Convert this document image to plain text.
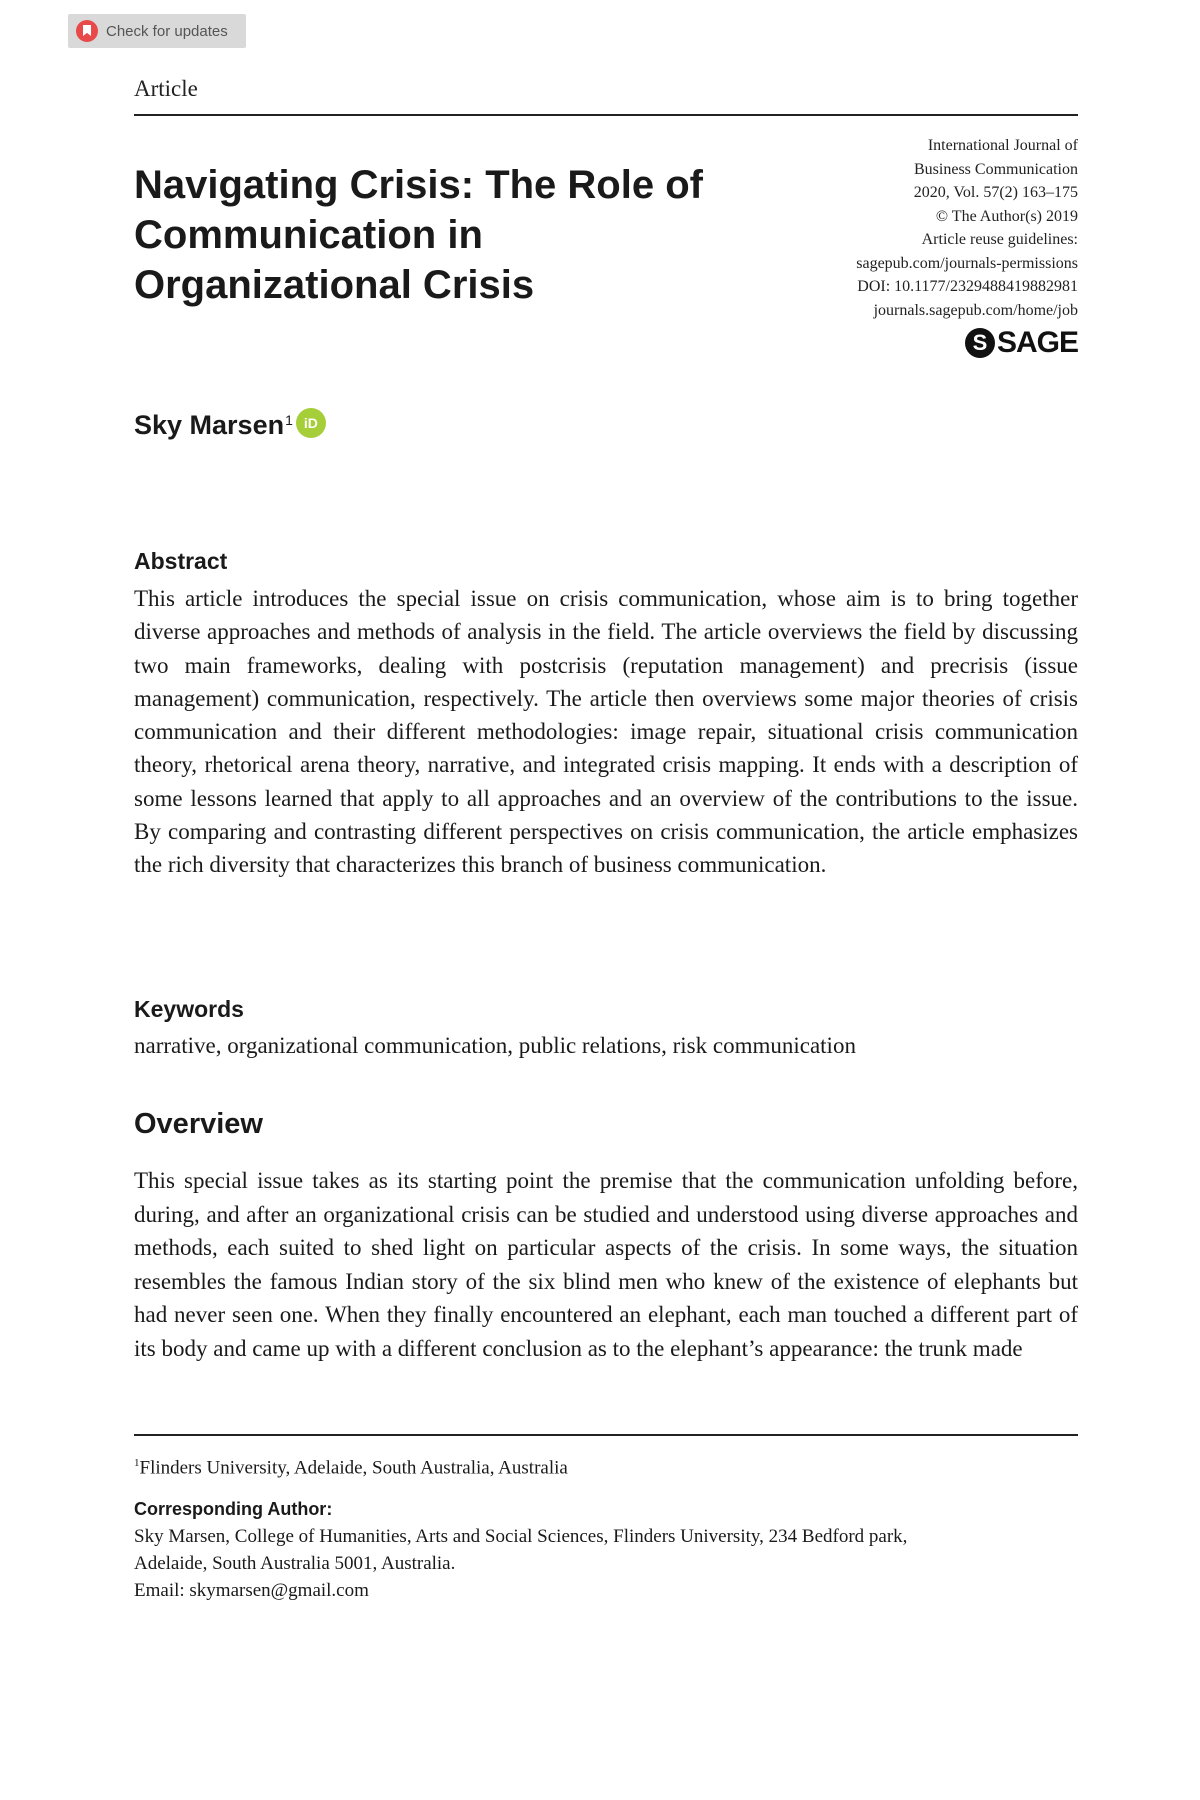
Check for updates
Article
Navigating Crisis: The Role of Communication in Organizational Crisis
International Journal of
Business Communication
2020, Vol. 57(2) 163–175
© The Author(s) 2019
Article reuse guidelines:
sagepub.com/journals-permissions
DOI: 10.1177/2329488419882981
journals.sagepub.com/home/job
S SAGE
Sky Marsen$^1$ iD
Abstract

This article introduces the special issue on crisis communication, whose aim is to bring together diverse approaches and methods of analysis in the field. The article overviews the field by discussing two main frameworks, dealing with postcrisis (reputation management) and precrisis (issue management) communication, respectively. The article then overviews some major theories of crisis communication and their different methodologies: image repair, situational crisis communication theory, rhetorical arena theory, narrative, and integrated crisis mapping. It ends with a description of some lessons learned that apply to all approaches and an overview of the contributions to the issue. By comparing and contrasting different perspectives on crisis communication, the article emphasizes the rich diversity that characterizes this branch of business communication.

Keywords

narrative, organizational communication, public relations, risk communication

Overview

This special issue takes as its starting point the premise that the communication unfolding before, during, and after an organizational crisis can be studied and understood using diverse approaches and methods, each suited to shed light on particular aspects of the crisis. In some ways, the situation resembles the famous Indian story of the six blind men who knew of the existence of elephants but had never seen one. When they finally encountered an elephant, each man touched a different part of its body and came up with a different conclusion as to the elephant’s appearance: the trunk made

$^1$Flinders University, Adelaide, South Australia, Australia
Corresponding Author:
Sky Marsen, College of Humanities, Arts and Social Sciences, Flinders University, 234 Bedford park,
Adelaide, South Australia 5001, Australia.
Email: skymarsen@gmail.com
